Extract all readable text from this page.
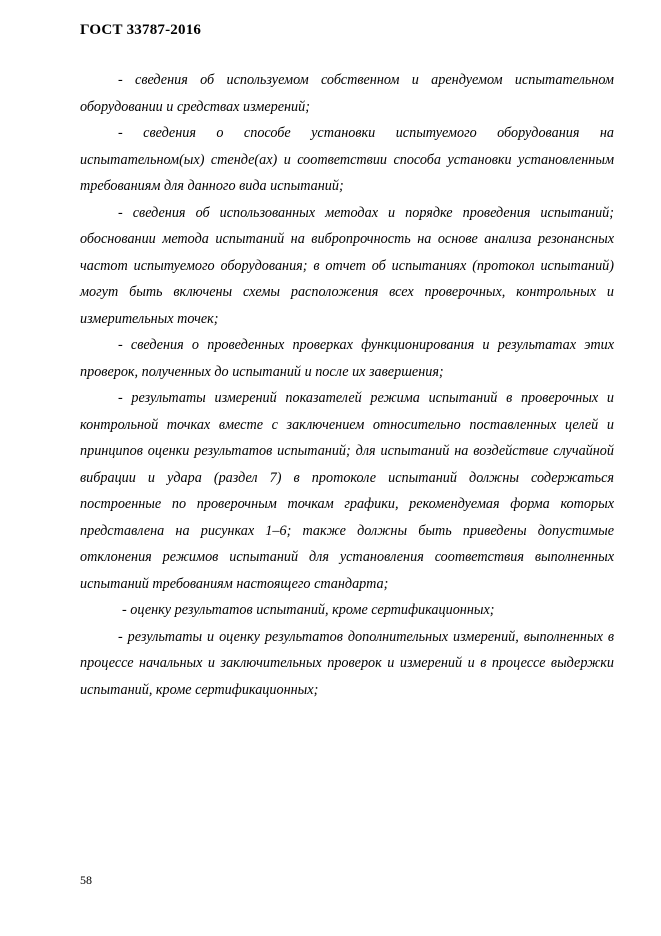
ГОСТ 33787-2016

- сведения об используемом собственном и арендуемом испытательном оборудовании и средствах измерений;

- сведения о способе установки испытуемого оборудования на испытательном(ых) стенде(ах) и соответствии способа установки установленным требованиям для данного вида испытаний;

- сведения об использованных методах и порядке проведения испытаний; обосновании метода испытаний на вибропрочность на основе анализа резонансных частот испытуемого оборудования; в отчет об испытаниях (протокол испытаний) могут быть включены схемы расположения всех проверочных, контрольных и измерительных точек;

- сведения о проведенных проверках функционирования и результатах этих проверок, полученных до испытаний и после их завершения;

- результаты измерений показателей режима испытаний в проверочных и контрольной точках вместе с заключением относительно поставленных целей и принципов оценки результатов испытаний; для испытаний на воздействие случайной вибрации и удара (раздел 7) в протоколе испытаний должны содержаться построенные по проверочным точкам графики, рекомендуемая форма которых представлена на рисунках 1–6; также должны быть приведены допустимые отклонения режимов испытаний для установления соответствия выполненных испытаний требованиям настоящего стандарта;

- оценку результатов испытаний, кроме сертификационных;

- результаты и оценку результатов дополнительных измерений, выполненных в процессе начальных и заключительных проверок и измерений и в процессе выдержки испытаний, кроме сертификационных;

58
